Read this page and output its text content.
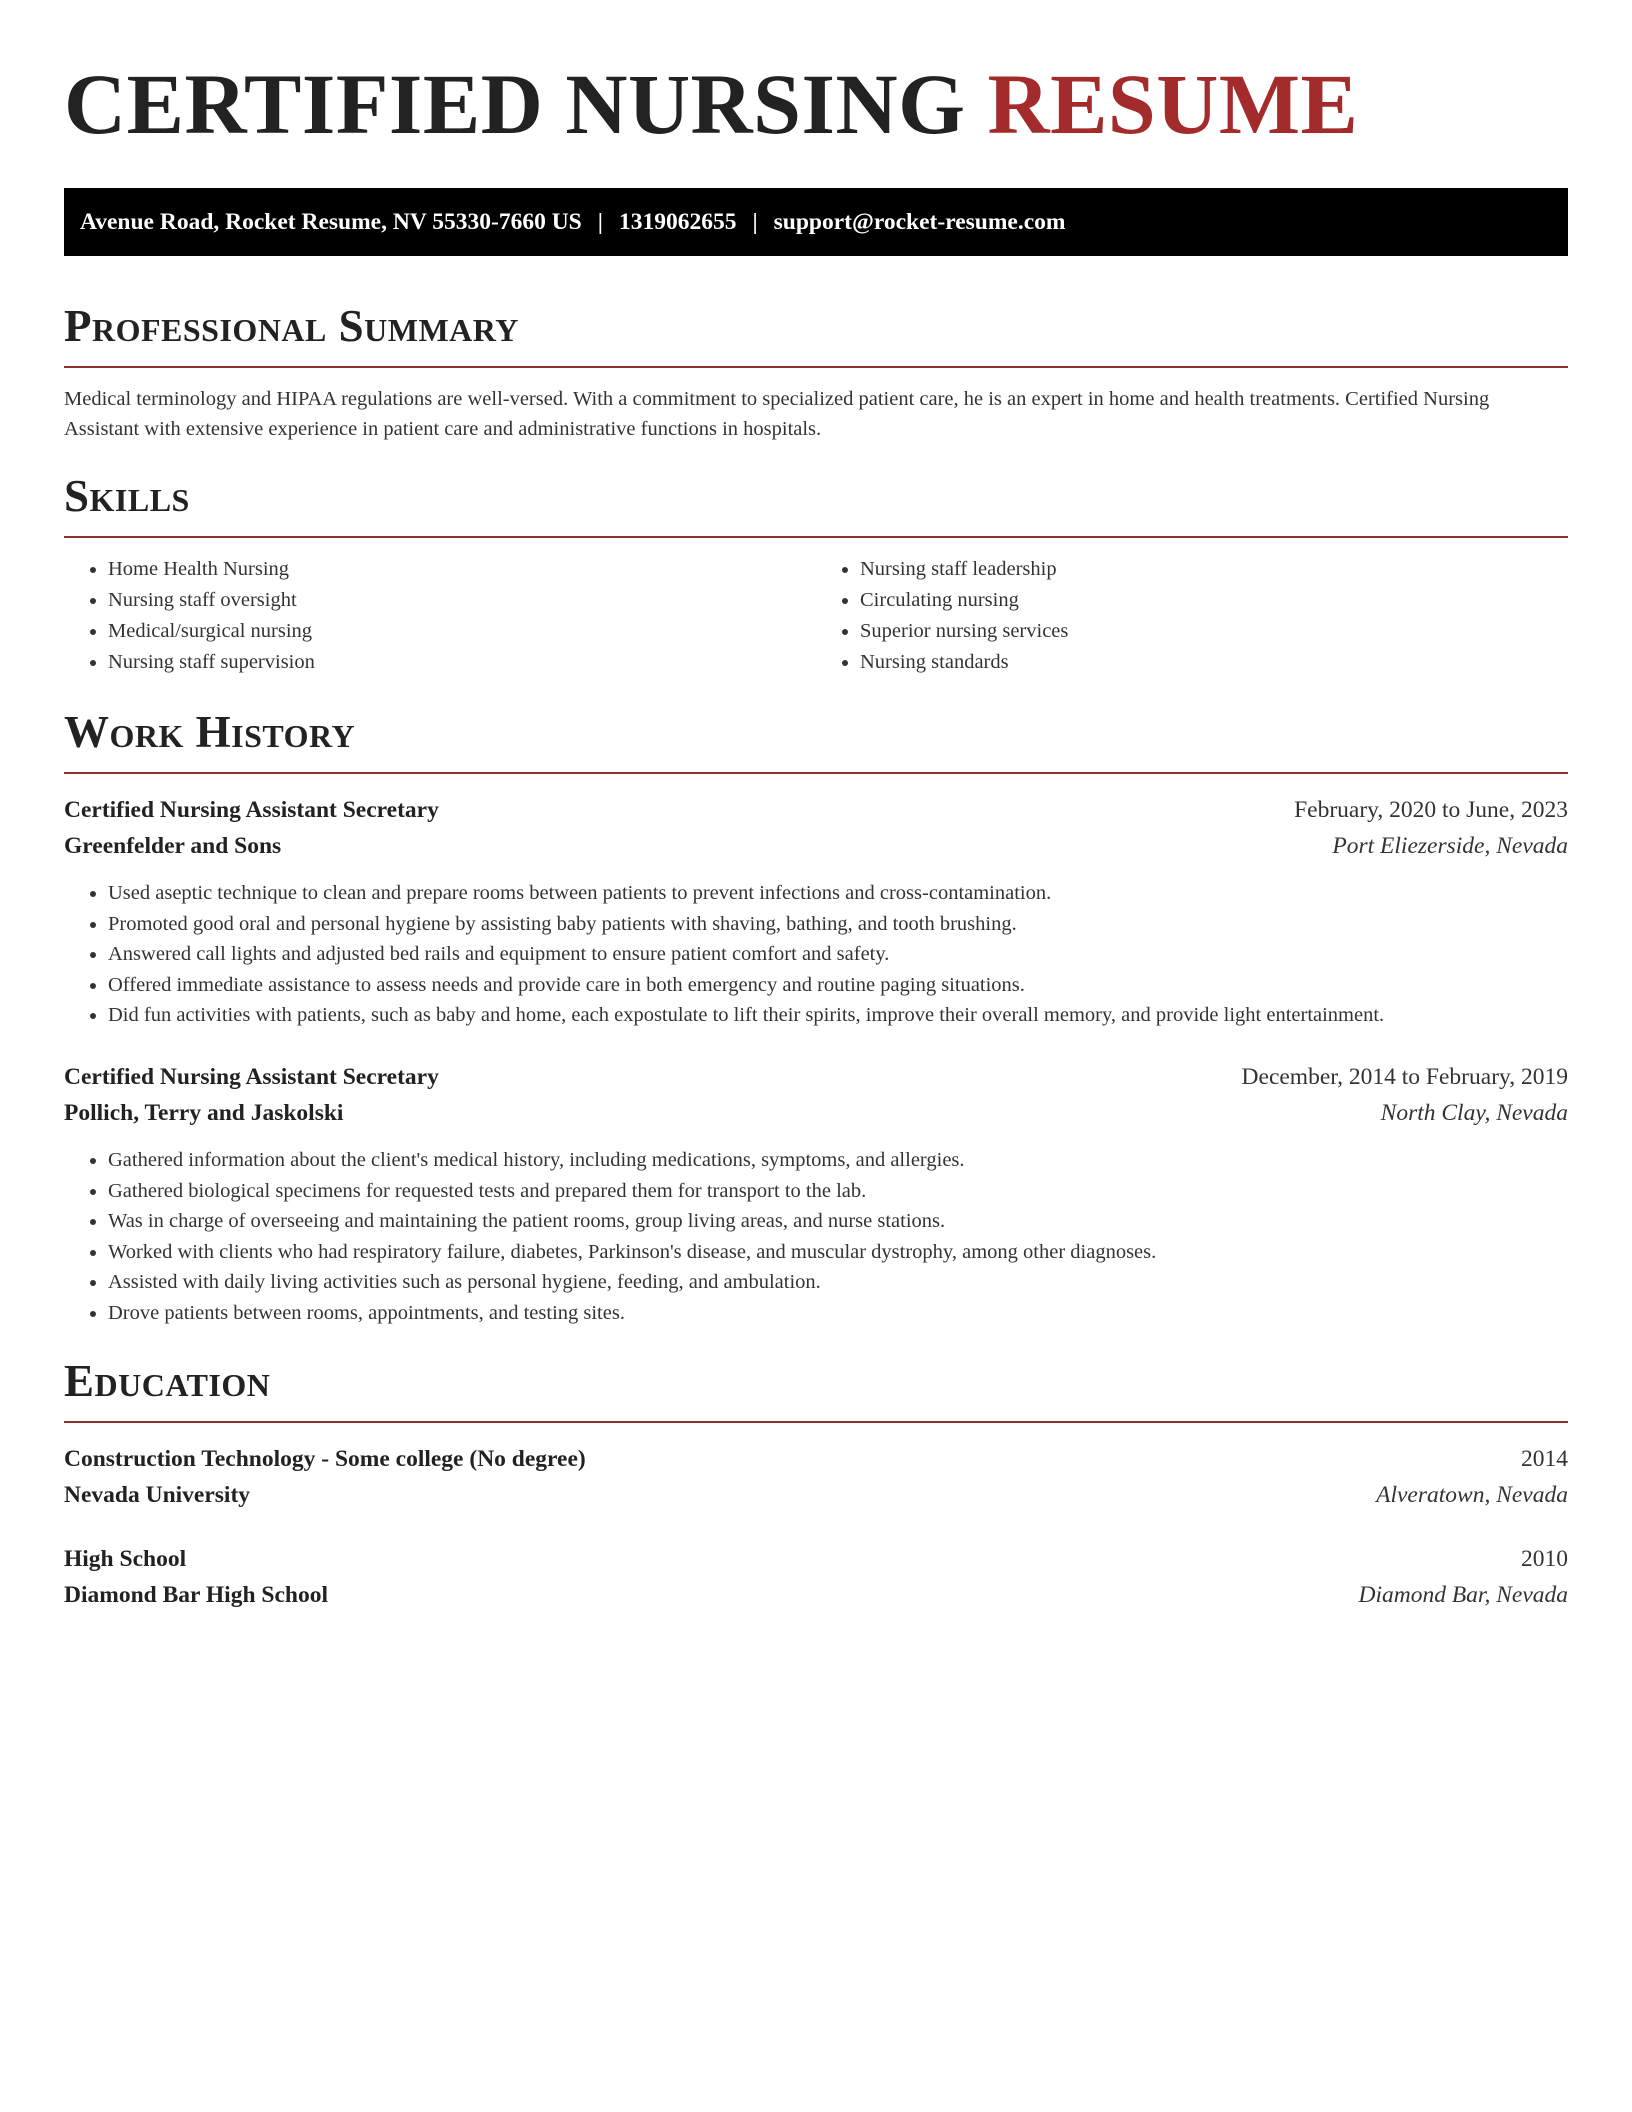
CERTIFIED NURSING RESUME
Avenue Road, Rocket Resume, NV 55330-7660 US | 1319062655 | support@rocket-resume.com
Professional Summary

Medical terminology and HIPAA regulations are well-versed. With a commitment to specialized patient care, he is an expert in home and health treatments. Certified Nursing Assistant with extensive experience in patient care and administrative functions in hospitals.

Skills
• Home Health Nursing
• Nursing staff oversight
• Medical/surgical nursing
• Nursing staff supervision
• Nursing staff leadership
• Circulating nursing
• Superior nursing services
• Nursing standards
Work History
Certified Nursing Assistant Secretary	February, 2020 to June, 2023
Greenfelder and Sons	Port Eliezerside, Nevada
• Used aseptic technique to clean and prepare rooms between patients to prevent infections and cross-contamination.
• Promoted good oral and personal hygiene by assisting baby patients with shaving, bathing, and tooth brushing.
• Answered call lights and adjusted bed rails and equipment to ensure patient comfort and safety.
• Offered immediate assistance to assess needs and provide care in both emergency and routine paging situations.
• Did fun activities with patients, such as baby and home, each expostulate to lift their spirits, improve their overall memory, and provide light entertainment.
Certified Nursing Assistant Secretary	December, 2014 to February, 2019
Pollich, Terry and Jaskolski	North Clay, Nevada
• Gathered information about the client's medical history, including medications, symptoms, and allergies.
• Gathered biological specimens for requested tests and prepared them for transport to the lab.
• Was in charge of overseeing and maintaining the patient rooms, group living areas, and nurse stations.
• Worked with clients who had respiratory failure, diabetes, Parkinson's disease, and muscular dystrophy, among other diagnoses.
• Assisted with daily living activities such as personal hygiene, feeding, and ambulation.
• Drove patients between rooms, appointments, and testing sites.
Education
Construction Technology - Some college (No degree)	2014
Nevada University	Alveratown, Nevada
High School	2010
Diamond Bar High School	Diamond Bar, Nevada
